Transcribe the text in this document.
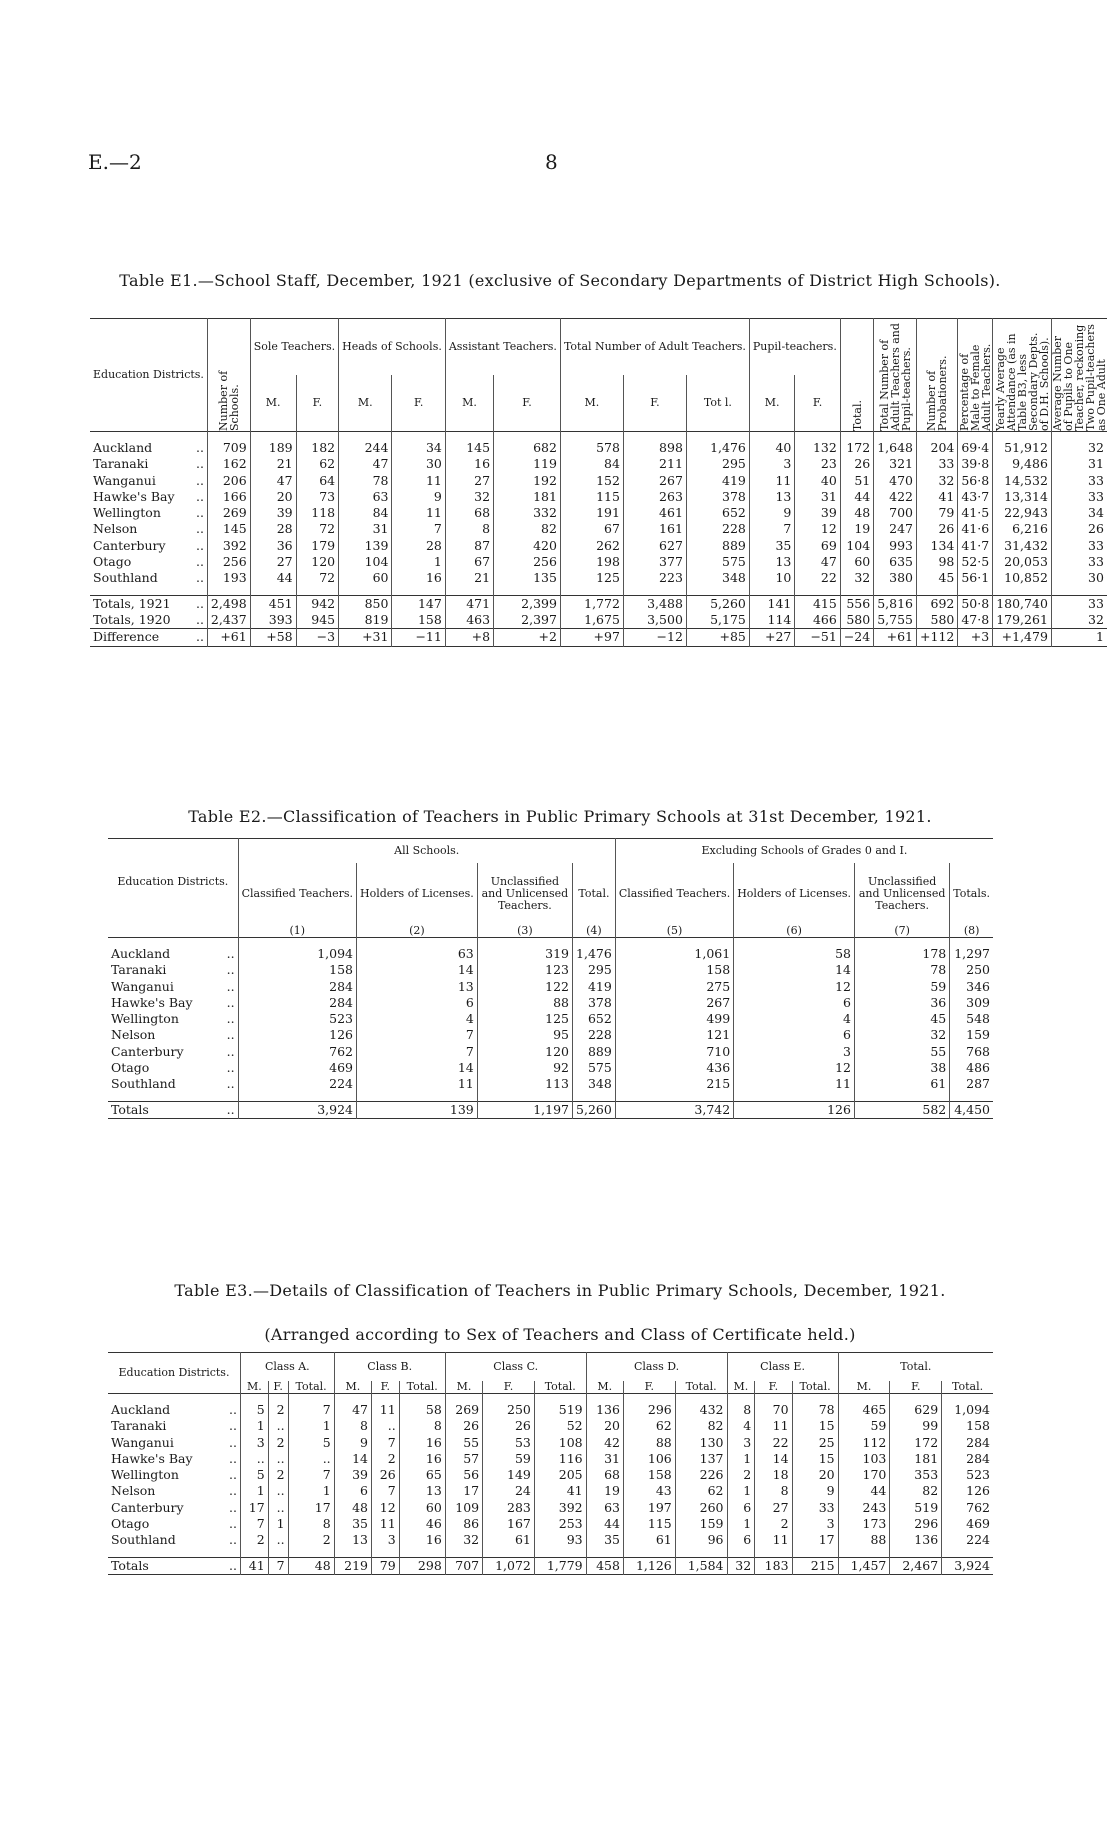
E.—2	8
Table E1.—School Staff, December, 1921 (exclusive of Secondary Departments of District High Schools).
Education Districts.	Number of Schools.	Sole Teachers.		Heads of Schools.		Assistant Teachers.		Total Number of Adult Teachers.			Pupil-teachers.		Total.	Total Number of Adult Teachers and Pupil-teachers.	Number of Probationers.	Percentage of Male to Female Adult Teachers.	Yearly Average Attendance (as in Table B3, less Secondary Depts. of D.H. Schools).	Average Number of Pupils to One Teacher, reckoning Two Pupil-teachers as One Adult

		M.	F.	M.	F.	M.	F.	M.	F.	Tot l.	M.	F.						

Auckland ..	709	189	182	244	34	145	682	578	898	1,476	40	132	172	1,648	204	69·4	51,912	32
Taranaki ..	162	21	62	47	30	16	119	84	211	295	3	23	26	321	33	39·8	9,486	31
Wanganui ..	206	47	64	78	11	27	192	152	267	419	11	40	51	470	32	56·8	14,532	33
Hawke's Bay ..	166	20	73	63	9	32	181	115	263	378	13	31	44	422	41	43·7	13,314	33
Wellington ..	269	39	118	84	11	68	332	191	461	652	9	39	48	700	79	41·5	22,943	34
Nelson ..	145	28	72	31	7	8	82	67	161	228	7	12	19	247	26	41·6	6,216	26
Canterbury ..	392	36	179	139	28	87	420	262	627	889	35	69	104	993	134	41·7	31,432	33
Otago ..	256	27	120	104	1	67	256	198	377	575	13	47	60	635	98	52·5	20,053	33
Southland ..	193	44	72	60	16	21	135	125	223	348	10	22	32	380	45	56·1	10,852	30

Totals, 1921 ..	2,498	451	942	850	147	471	2,399	1,772	3,488	5,260	141	415	556	5,816	692	50·8	180,740	33
Totals, 1920 ..	2,437	393	945	819	158	463	2,397	1,675	3,500	5,175	114	466	580	5,755	580	47·8	179,261	32
Difference ..	+61	+58	−3	+31	−11	+8	+2	+97	−12	+85	+27	−51	−24	+61	+112	+3	+1,479	1
Table E2.—Classification of Teachers in Public Primary Schools at 31st December, 1921.
Education Districts.	All Schools.				Excluding Schools of Grades 0 and I.			
	Classified Teachers.	Holders of Licenses.	Unclassified and Unlicensed Teachers.	Total.	Classified Teachers.	Holders of Licenses.	Unclassified and Unlicensed Teachers.	Totals.
	(1)	(2)	(3)	(4)	(5)	(6)	(7)	(8)

Auckland ..	1,094	63	319	1,476	1,061	58	178	1,297
Taranaki ..	158	14	123	295	158	14	78	250
Wanganui ..	284	13	122	419	275	12	59	346
Hawke's Bay ..	284	6	88	378	267	6	36	309
Wellington ..	523	4	125	652	499	4	45	548
Nelson ..	126	7	95	228	121	6	32	159
Canterbury ..	762	7	120	889	710	3	55	768
Otago ..	469	14	92	575	436	12	38	486
Southland ..	224	11	113	348	215	11	61	287

Totals ..	3,924	139	1,197	5,260	3,742	126	582	4,450
Table E3.—Details of Classification of Teachers in Public Primary Schools, December, 1921.
(Arranged according to Sex of Teachers and Class of Certificate held.)
Education Districts.	Class A.			Class B.			Class C.			Class D.			Class E.			Total.		
	M.	F.	Total.	M.	F.	Total.	M.	F.	Total.	M.	F.	Total.	M.	F.	Total.	M.	F.	Total.

Auckland ..	5	2	7	47	11	58	269	250	519	136	296	432	8	70	78	465	629	1,094
Taranaki ..	1	..	1	8	..	8	26	26	52	20	62	82	4	11	15	59	99	158
Wanganui ..	3	2	5	9	7	16	55	53	108	42	88	130	3	22	25	112	172	284
Hawke's Bay ..	..	..	..	14	2	16	57	59	116	31	106	137	1	14	15	103	181	284
Wellington ..	5	2	7	39	26	65	56	149	205	68	158	226	2	18	20	170	353	523
Nelson ..	1	..	1	6	7	13	17	24	41	19	43	62	1	8	9	44	82	126
Canterbury ..	17	..	17	48	12	60	109	283	392	63	197	260	6	27	33	243	519	762
Otago ..	7	1	8	35	11	46	86	167	253	44	115	159	1	2	3	173	296	469
Southland ..	2	..	2	13	3	16	32	61	93	35	61	96	6	11	17	88	136	224

Totals ..	41	7	48	219	79	298	707	1,072	1,779	458	1,126	1,584	32	183	215	1,457	2,467	3,924
